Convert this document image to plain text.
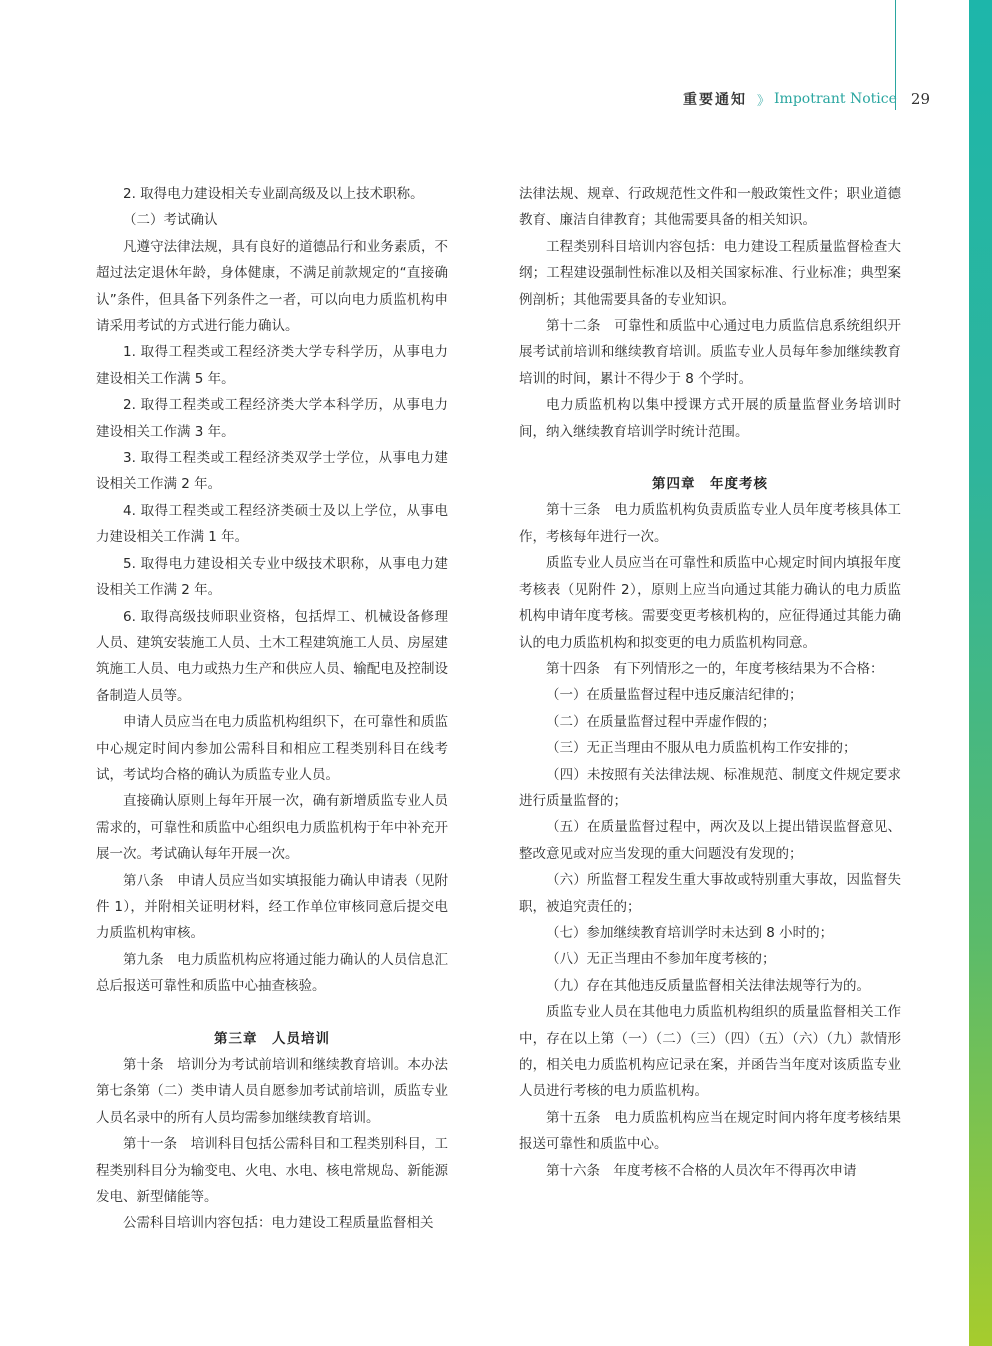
重要通知 》 Impotrant Notice 29

2. 取得电力建设相关专业副高级及以上技术职称。

（二）考试确认

凡遵守法律法规，具有良好的道德品行和业务素质，不超过法定退休年龄，身体健康，不满足前款规定的“直接确认”条件，但具备下列条件之一者，可以向电力质监机构申请采用考试的方式进行能力确认。

1. 取得工程类或工程经济类大学专科学历，从事电力建设相关工作满 5 年。

2. 取得工程类或工程经济类大学本科学历，从事电力建设相关工作满 3 年。

3. 取得工程类或工程经济类双学士学位，从事电力建设相关工作满 2 年。

4. 取得工程类或工程经济类硕士及以上学位，从事电力建设相关工作满 1 年。

5. 取得电力建设相关专业中级技术职称，从事电力建设相关工作满 2 年。

6. 取得高级技师职业资格，包括焊工、机械设备修理人员、建筑安装施工人员、土木工程建筑施工人员、房屋建筑施工人员、电力或热力生产和供应人员、输配电及控制设备制造人员等。

申请人员应当在电力质监机构组织下，在可靠性和质监中心规定时间内参加公需科目和相应工程类别科目在线考试，考试均合格的确认为质监专业人员。

直接确认原则上每年开展一次，确有新增质监专业人员需求的，可靠性和质监中心组织电力质监机构于年中补充开展一次。考试确认每年开展一次。

第八条　申请人员应当如实填报能力确认申请表（见附件 1），并附相关证明材料，经工作单位审核同意后提交电力质监机构审核。

第九条　电力质监机构应将通过能力确认的人员信息汇总后报送可靠性和质监中心抽查核验。

第三章　人员培训

第十条　培训分为考试前培训和继续教育培训。本办法第七条第（二）类申请人员自愿参加考试前培训，质监专业人员名录中的所有人员均需参加继续教育培训。

第十一条　培训科目包括公需科目和工程类别科目，工程类别科目分为输变电、火电、水电、核电常规岛、新能源发电、新型储能等。

公需科目培训内容包括：电力建设工程质量监督相关

法律法规、规章、行政规范性文件和一般政策性文件；职业道德教育、廉洁自律教育；其他需要具备的相关知识。

工程类别科目培训内容包括：电力建设工程质量监督检查大纲；工程建设强制性标准以及相关国家标准、行业标准；典型案例剖析；其他需要具备的专业知识。

第十二条　可靠性和质监中心通过电力质监信息系统组织开展考试前培训和继续教育培训。质监专业人员每年参加继续教育培训的时间，累计不得少于 8 个学时。

电力质监机构以集中授课方式开展的质量监督业务培训时间，纳入继续教育培训学时统计范围。

第四章　年度考核

第十三条　电力质监机构负责质监专业人员年度考核具体工作，考核每年进行一次。

质监专业人员应当在可靠性和质监中心规定时间内填报年度考核表（见附件 2），原则上应当向通过其能力确认的电力质监机构申请年度考核。需要变更考核机构的，应征得通过其能力确认的电力质监机构和拟变更的电力质监机构同意。

第十四条　有下列情形之一的，年度考核结果为不合格：

（一）在质量监督过程中违反廉洁纪律的；

（二）在质量监督过程中弄虚作假的；

（三）无正当理由不服从电力质监机构工作安排的；

（四）未按照有关法律法规、标准规范、制度文件规定要求进行质量监督的；

（五）在质量监督过程中，两次及以上提出错误监督意见、整改意见或对应当发现的重大问题没有发现的；

（六）所监督工程发生重大事故或特别重大事故，因监督失职，被追究责任的；

（七）参加继续教育培训学时未达到 8 小时的；

（八）无正当理由不参加年度考核的；

（九）存在其他违反质量监督相关法律法规等行为的。

质监专业人员在其他电力质监机构组织的质量监督相关工作中，存在以上第（一）（二）（三）（四）（五）（六）（九）款情形的，相关电力质监机构应记录在案，并函告当年度对该质监专业人员进行考核的电力质监机构。

第十五条　电力质监机构应当在规定时间内将年度考核结果报送可靠性和质监中心。

第十六条　年度考核不合格的人员次年不得再次申请
